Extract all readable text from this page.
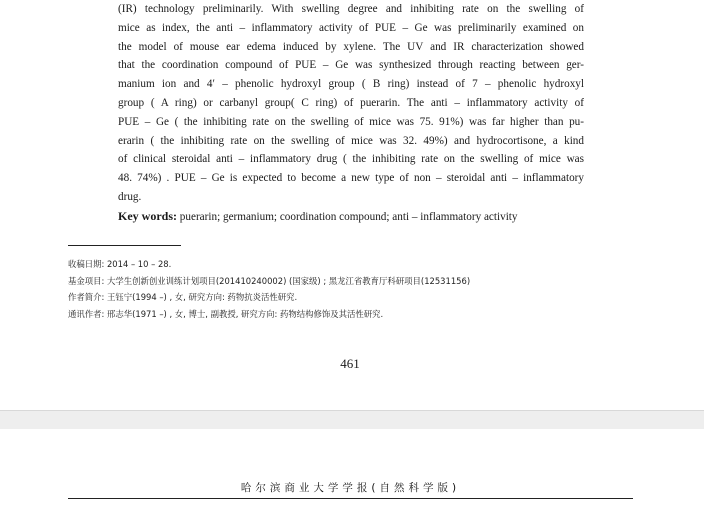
(IR) technology preliminarily. With swelling degree and inhibiting rate on the swelling of
mice as index, the anti – inflammatory activity of PUE – Ge was preliminarily examined on
the model of mouse ear edema induced by xylene. The UV and IR characterization showed
that the coordination compound of PUE – Ge was synthesized through reacting between ger-
manium ion and 4′ – phenolic hydroxyl group ( B ring) instead of 7 – phenolic hydroxyl
group ( A ring) or carbanyl group( C ring) of puerarin. The anti – inflammatory activity of
PUE – Ge ( the inhibiting rate on the swelling of mice was 75. 91%) was far higher than pu-
erarin ( the inhibiting rate on the swelling of mice was 32. 49%) and hydrocortisone, a kind
of clinical steroidal anti – inflammatory drug ( the inhibiting rate on the swelling of mice was
48. 74%) . PUE – Ge is expected to become a new type of non – steroidal anti – inflammatory
drug.
Key words: puerarin; germanium; coordination compound; anti – inflammatory activity
收稿日期: 2014 – 10 – 28.
基金项目: 大学生创新创业训练计划项目(201410240002) (国家级) ; 黑龙江省教育厅科研项目(12531156)
作者简介: 王钰宁(1994 –) , 女, 研究方向: 药物抗炎活性研究.
通讯作者: 邢志华(1971 –) , 女, 博士, 副教授, 研究方向: 药物结构修饰及其活性研究.
461
哈尔滨商业大学学报(自然科学版)
